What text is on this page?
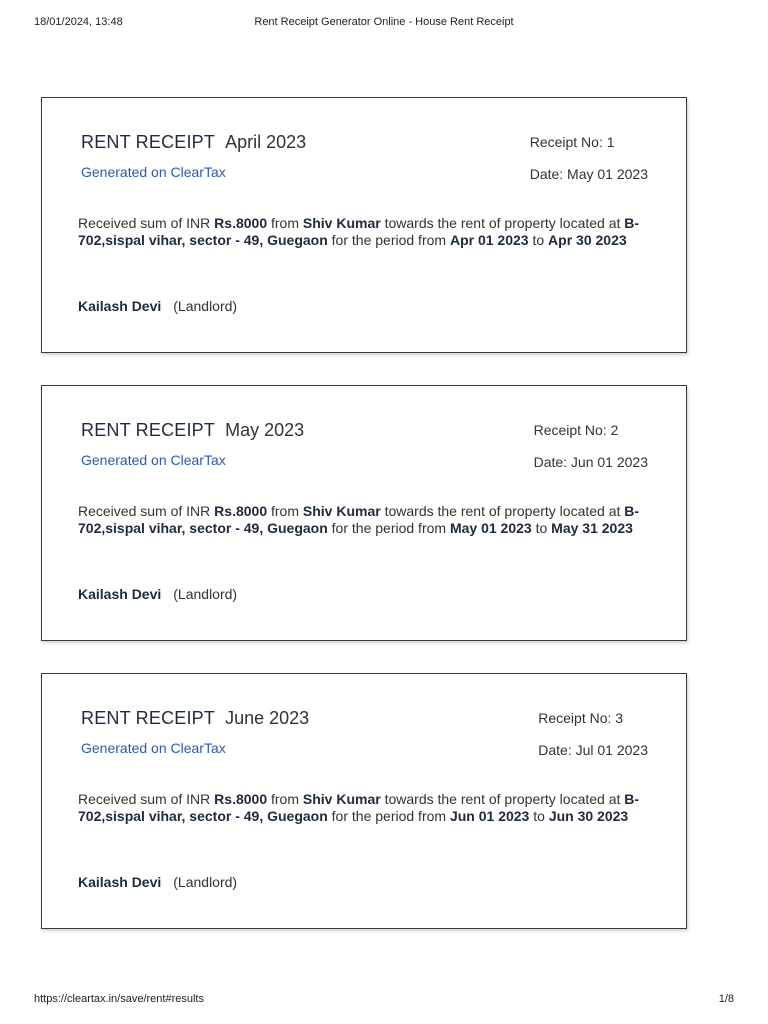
18/01/2024, 13:48	Rent Receipt Generator Online - House Rent Receipt
RENT RECEIPT April 2023
Generated on ClearTax
Receipt No: 1
Date: May 01 2023
Received sum of INR Rs.8000 from Shiv Kumar towards the rent of property located at B-702,sispal vihar, sector - 49, Guegaon for the period from Apr 01 2023 to Apr 30 2023
Kailash Devi (Landlord)
RENT RECEIPT May 2023
Generated on ClearTax
Receipt No: 2
Date: Jun 01 2023
Received sum of INR Rs.8000 from Shiv Kumar towards the rent of property located at B-702,sispal vihar, sector - 49, Guegaon for the period from May 01 2023 to May 31 2023
Kailash Devi (Landlord)
RENT RECEIPT June 2023
Generated on ClearTax
Receipt No: 3
Date: Jul 01 2023
Received sum of INR Rs.8000 from Shiv Kumar towards the rent of property located at B-702,sispal vihar, sector - 49, Guegaon for the period from Jun 01 2023 to Jun 30 2023
Kailash Devi (Landlord)
https://cleartax.in/save/rent#results	1/8
